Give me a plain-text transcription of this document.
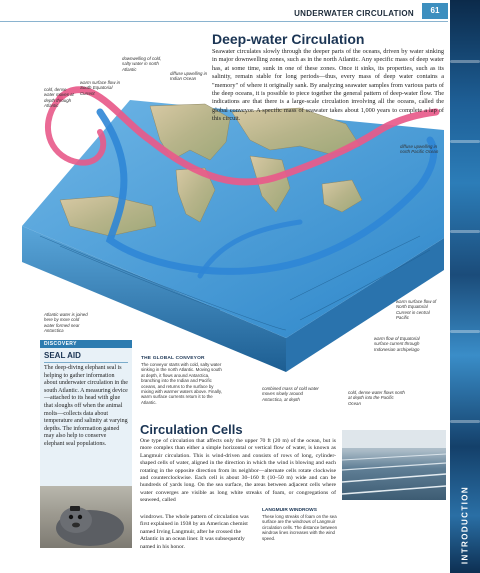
UNDERWATER CIRCULATION	61
INTRODUCTION
downwelling of cold, salty water in north Atlantic
diffuse upwelling in Indian Ocean
cold, dense water moves at depth through Atlantic
warm surface flow in South Equatorial Current
diffuse upwelling in north Pacific Ocean
Atlantic water is joined here by more cold water formed near Antarctica
warm surface flow of North Equatorial Current in central Pacific
warm flow of Equatorial surface current through Indonesian archipelago
combined mass of cold water moves slowly around Antarctica, at depth
cold, dense water flows north at depth into the Pacific Ocean
Deep-water Circulation
Seawater circulates slowly through the deeper parts of the oceans, driven by water sinking in major downwelling zones, such as in the north Atlantic. Any specific mass of deep water has, at some time, sunk in one of these zones. Once it sinks, its properties, such as its salinity, remain stable for long periods—thus, every mass of deep water contains a "memory" of where it originally sank. By analyzing seawater samples from various parts of the deep oceans, it is possible to piece together the general pattern of deep-water flow. The indications are that there is a large-scale circulation involving all the oceans, called the global conveyor. A specific mass of seawater takes about 1,000 years to complete a lap of this circuit.
DISCOVERY
SEAL AID
The deep-diving elephant seal is helping to gather information about underwater circulation in the south Atlantic. A measuring device—attached to its head with glue that sloughs off when the animal molts—collects data about temperature and salinity at varying depths. The information gained may also help to conserve elephant seal populations.
THE GLOBAL CONVEYOR
The conveyor starts with cold, salty water sinking in the north Atlantic. Moving south at depth, it flows around Antarctica, branching into the Indian and Pacific oceans, and returns to the surface by mixing with warmer waters above. Finally, warm surface currents return it to the Atlantic.
Circulation Cells
One type of circulation that affects only the upper 70 ft (20 m) of the ocean, but is more complex than either a simple horizontal or vertical flow of water, is known as Langmuir circulation. This is wind-driven and consists of rows of long, cylinder-shaped cells of water, aligned in the direction in which the wind is blowing and each rotating in the opposite direction from its neighbor—alternate cells rotate clockwise and counterclockwise. Each cell is about 30–160 ft (10–50 m) wide and can be hundreds of yards long. On the sea surface, the areas between adjacent cells where water converges are visible as long white streaks of foam, or congregations of seaweed, called
windrows. The whole pattern of circulation was first explained in 1938 by an American chemist named Irving Langmuir, after he crossed the Atlantic in an ocean liner. It was subsequently named in his honor.
LANGMUIR WINDROWS
These long streaks of foam on the sea surface are the windrows of Langmuir circulation cells. The distance between windrow lines increases with the wind speed.
